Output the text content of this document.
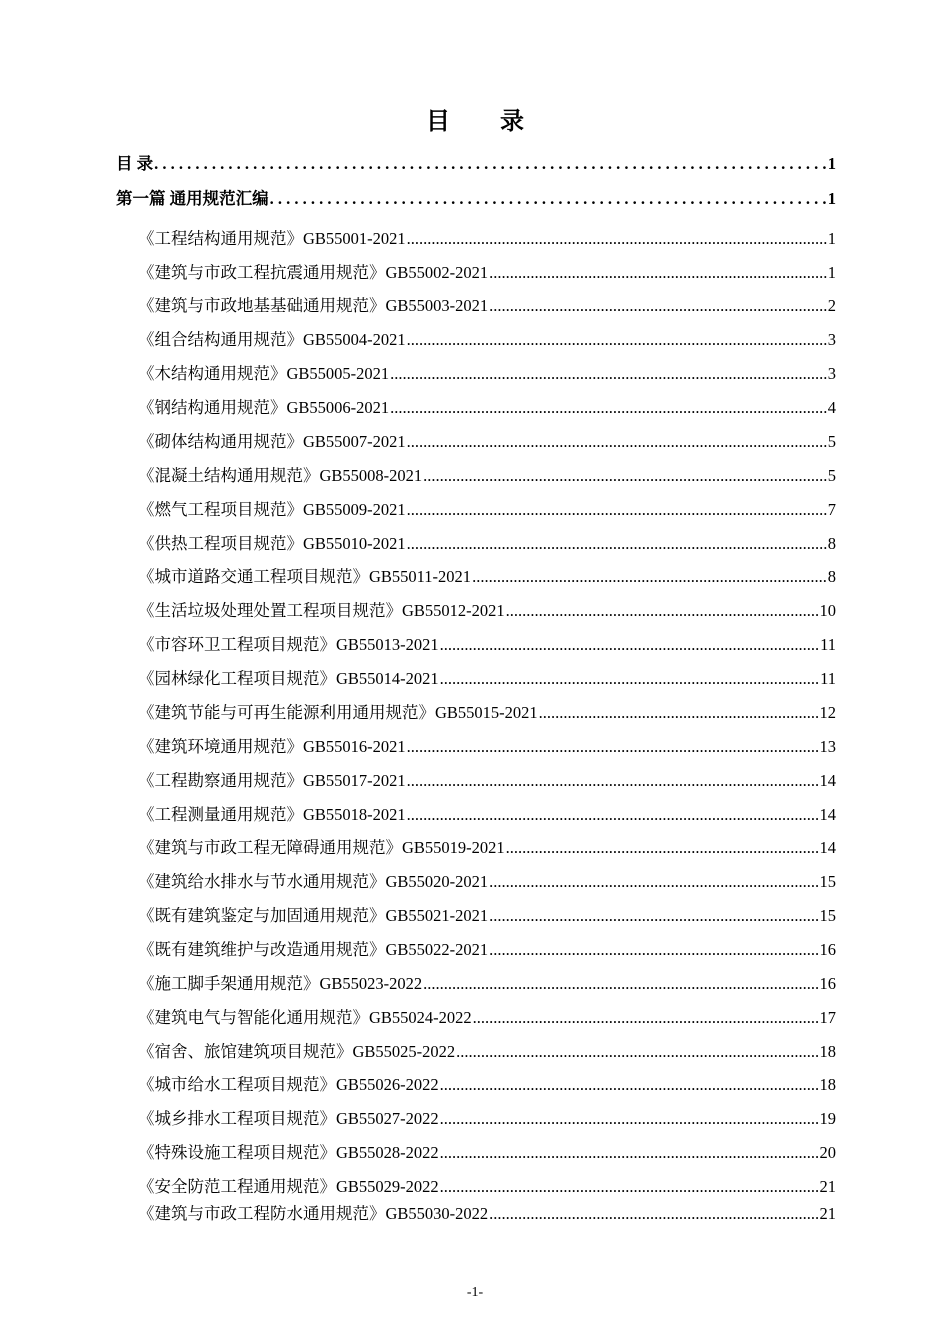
目 录
目 录 . . .	1
第一篇 通用规范汇编 . . .	1
《工程结构通用规范》GB55001-2021 .....	1
《建筑与市政工程抗震通用规范》GB55002-2021 .....	1
《建筑与市政地基基础通用规范》GB55003-2021 .....	2
《组合结构通用规范》GB55004-2021 .....	3
《木结构通用规范》GB55005-2021 .....	3
《钢结构通用规范》GB55006-2021 .....	4
《砌体结构通用规范》GB55007-2021 .....	5
《混凝土结构通用规范》GB55008-2021 .....	5
《燃气工程项目规范》GB55009-2021 .....	7
《供热工程项目规范》GB55010-2021 .....	8
《城市道路交通工程项目规范》GB55011-2021 .....	8
《生活垃圾处理处置工程项目规范》GB55012-2021 .....	10
《市容环卫工程项目规范》GB55013-2021 .....	11
《园林绿化工程项目规范》GB55014-2021 .....	11
《建筑节能与可再生能源利用通用规范》GB55015-2021 .....	12
《建筑环境通用规范》GB55016-2021 .....	13
《工程勘察通用规范》GB55017-2021 .....	14
《工程测量通用规范》GB55018-2021 .....	14
《建筑与市政工程无障碍通用规范》GB55019-2021 .....	14
《建筑给水排水与节水通用规范》GB55020-2021 .....	15
《既有建筑鉴定与加固通用规范》GB55021-2021 .....	15
《既有建筑维护与改造通用规范》GB55022-2021 .....	16
《施工脚手架通用规范》GB55023-2022 .....	16
《建筑电气与智能化通用规范》GB55024-2022 .....	17
《宿舍、旅馆建筑项目规范》GB55025-2022 .....	18
《城市给水工程项目规范》GB55026-2022 .....	18
《城乡排水工程项目规范》GB55027-2022 .....	19
《特殊设施工程项目规范》GB55028-2022 .....	20
《安全防范工程通用规范》GB55029-2022 .....	21
《建筑与市政工程防水通用规范》GB55030-2022 .....	21
-1-
